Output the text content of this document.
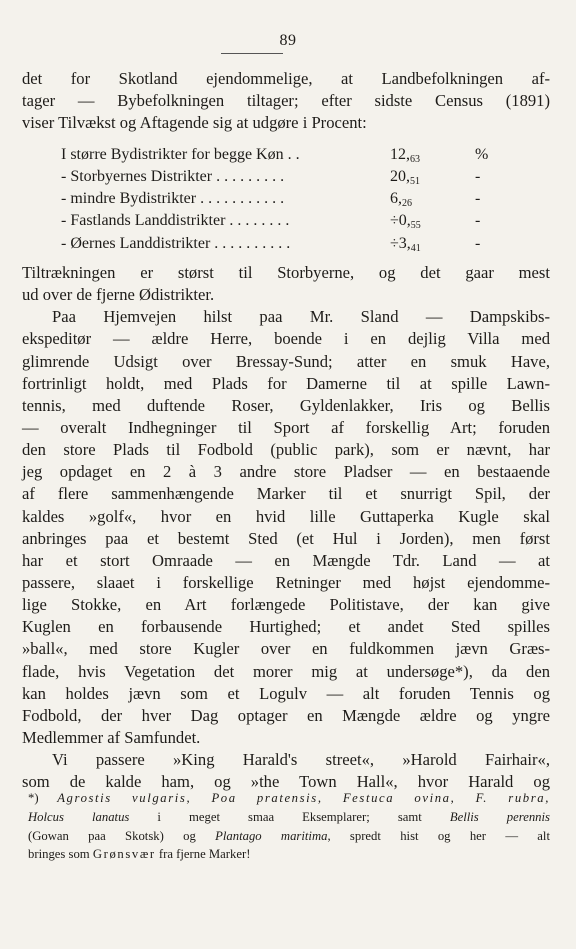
89
det for Skotland ejendommelige, at Landbefolkningen af-
tager — Bybefolkningen tiltager; efter sidste Census (1891)
viser Tilvækst og Aftagende sig at udgøre i Procent:
I større Bydistrikter for begge Køn . .	$12,_{63}$	%
- Storbyernes Distrikter . . . . . . . . .	$20,_{51}$	-
- mindre Bydistrikter . . . . . . . . . . .	$6,_{26}$	-
- Fastlands Landdistrikter . . . . . . . .	$\div 0,_{55}$	-
- Øernes Landdistrikter . . . . . . . . . .	$\div 3,_{41}$	-
Tiltrækningen er størst til Storbyerne, og det gaar mest
ud over de fjerne Ødistrikter.
Paa Hjemvejen hilst paa Mr. Sland — Dampskibs-
ekspeditør — ældre Herre, boende i en dejlig Villa med
glimrende Udsigt over Bressay-Sund; atter en smuk Have,
fortrinligt holdt, med Plads for Damerne til at spille Lawn-
tennis, med duftende Roser, Gyldenlakker, Iris og Bellis
— overalt Indhegninger til Sport af forskellig Art; foruden
den store Plads til Fodbold (public park), som er nævnt, har
jeg opdaget en 2 à 3 andre store Pladser — en bestaaende
af flere sammenhængende Marker til et snurrigt Spil, der
kaldes »golf«, hvor en hvid lille Guttaperka Kugle skal
anbringes paa et bestemt Sted (et Hul i Jorden), men først
har et stort Omraade — en Mængde Tdr. Land — at
passere, slaaet i forskellige Retninger med højst ejendomme-
lige Stokke, en Art forlængede Politistave, der kan give
Kuglen en forbausende Hurtighed; et andet Sted spilles
»ball«, med store Kugler over en fuldkommen jævn Græs-
flade, hvis Vegetation det morer mig at undersøge*), da den
kan holdes jævn som et Logulv — alt foruden Tennis og
Fodbold, der hver Dag optager en Mængde ældre og yngre
Medlemmer af Samfundet.
Vi passere »King Harald's street«, »Harold Fairhair«,
som de kalde ham, og »the Town Hall«, hvor Harald og
*) Agrostis vulgaris, Poa pratensis, Festuca ovina, F. rubra,
Holcus lanatus i meget smaa Eksemplarer; samt Bellis perennis
(Gowan paa Skotsk) og Plantago maritima, spredt hist og her — alt
bringes som Grønsvær fra fjerne Marker!
